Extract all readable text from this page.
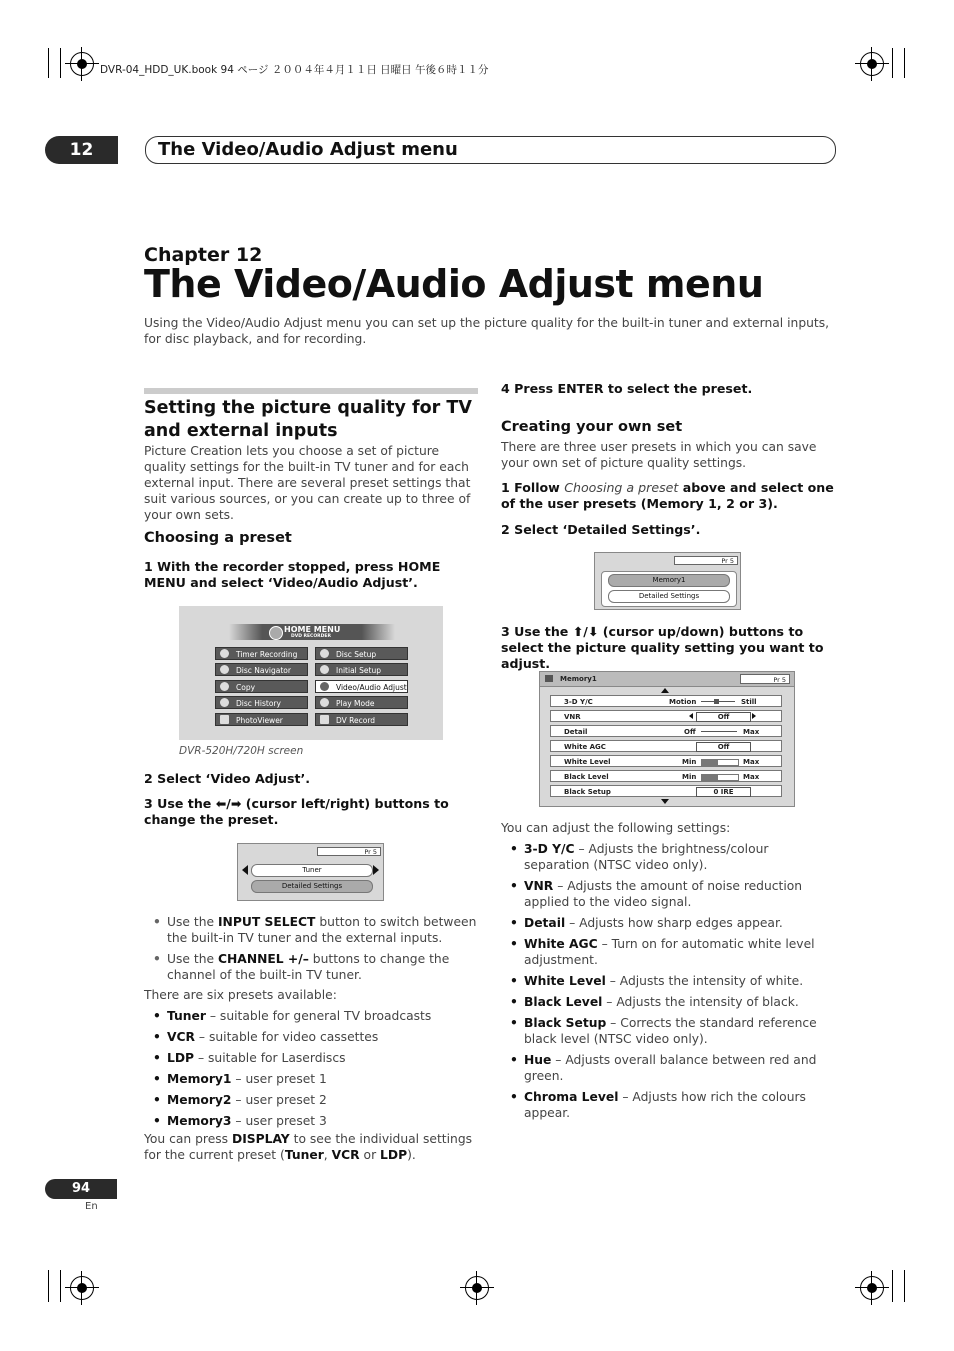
DVR-04_HDD_UK.book 94 ページ ２００４年４月１１日 日曜日 午後６時１１分
12	The Video/Audio Adjust menu
Chapter 12
The Video/Audio Adjust menu
Using the Video/Audio Adjust menu you can set up the picture quality for the built-in tuner and external inputs, for disc playback, and for recording.
Setting the picture quality for TV and external inputs
Picture Creation lets you choose a set of picture quality settings for the built-in TV tuner and for each external input. There are several preset settings that suit various sources, or you can create up to three of your own sets.
Choosing a preset
1 With the recorder stopped, press HOME MENU and select ‘Video/Audio Adjust’.
HOME MENU
DVD RECORDER
Timer Recording
Disc Navigator
Copy
Disc History
PhotoViewer
Disc Setup
Initial Setup
Video/Audio Adjust
Play Mode
DV Record
DVR-520H/720H screen
2 Select ‘Video Adjust’.
3 Use the ⬅/➡ (cursor left/right) buttons to change the preset.
Pr 5
Tuner
Detailed Settings
• Use the INPUT SELECT button to switch between the built-in TV tuner and the external inputs.
• Use the CHANNEL +/– buttons to change the channel of the built-in TV tuner.
There are six presets available:
• Tuner – suitable for general TV broadcasts
• VCR – suitable for video cassettes
• LDP – suitable for Laserdiscs
• Memory1 – user preset 1
• Memory2 – user preset 2
• Memory3 – user preset 3
You can press DISPLAY to see the individual settings for the current preset (Tuner, VCR or LDP).
4 Press ENTER to select the preset.
Creating your own set
There are three user presets in which you can save your own set of picture quality settings.
1 Follow Choosing a preset above and select one of the user presets (Memory 1, 2 or 3).
2 Select ‘Detailed Settings’.
Pr 5
Memory1
Detailed Settings
3 Use the ⬆/⬇ (cursor up/down) buttons to select the picture quality setting you want to adjust.
Memory1	Pr 5
3-D Y/C	Motion	Still
VNR	Off
Detail	Off	Max
White AGC	Off
White Level	Min	Max
Black Level	Min	Max
Black Setup	0 IRE
You can adjust the following settings:
• 3-D Y/C – Adjusts the brightness/colour separation (NTSC video only).
• VNR – Adjusts the amount of noise reduction applied to the video signal.
• Detail – Adjusts how sharp edges appear.
• White AGC – Turn on for automatic white level adjustment.
• White Level – Adjusts the intensity of white.
• Black Level – Adjusts the intensity of black.
• Black Setup – Corrects the standard reference black level (NTSC video only).
• Hue – Adjusts overall balance between red and green.
• Chroma Level – Adjusts how rich the colours appear.
94
En
